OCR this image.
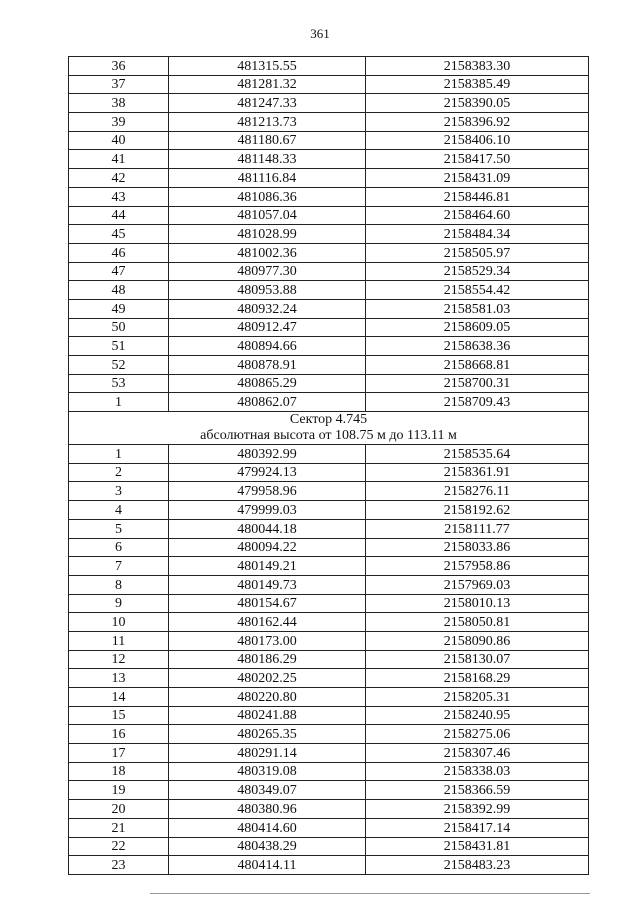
361
36	481315.55	2158383.30
37	481281.32	2158385.49
38	481247.33	2158390.05
39	481213.73	2158396.92
40	481180.67	2158406.10
41	481148.33	2158417.50
42	481116.84	2158431.09
43	481086.36	2158446.81
44	481057.04	2158464.60
45	481028.99	2158484.34
46	481002.36	2158505.97
47	480977.30	2158529.34
48	480953.88	2158554.42
49	480932.24	2158581.03
50	480912.47	2158609.05
51	480894.66	2158638.36
52	480878.91	2158668.81
53	480865.29	2158700.31
1	480862.07	2158709.43

Сектор 4.745
абсолютная высота от 108.75 м до 113.11 м		

1	480392.99	2158535.64
2	479924.13	2158361.91
3	479958.96	2158276.11
4	479999.03	2158192.62
5	480044.18	2158111.77
6	480094.22	2158033.86
7	480149.21	2157958.86
8	480149.73	2157969.03
9	480154.67	2158010.13
10	480162.44	2158050.81
11	480173.00	2158090.86
12	480186.29	2158130.07
13	480202.25	2158168.29
14	480220.80	2158205.31
15	480241.88	2158240.95
16	480265.35	2158275.06
17	480291.14	2158307.46
18	480319.08	2158338.03
19	480349.07	2158366.59
20	480380.96	2158392.99
21	480414.60	2158417.14
22	480438.29	2158431.81
23	480414.11	2158483.23
